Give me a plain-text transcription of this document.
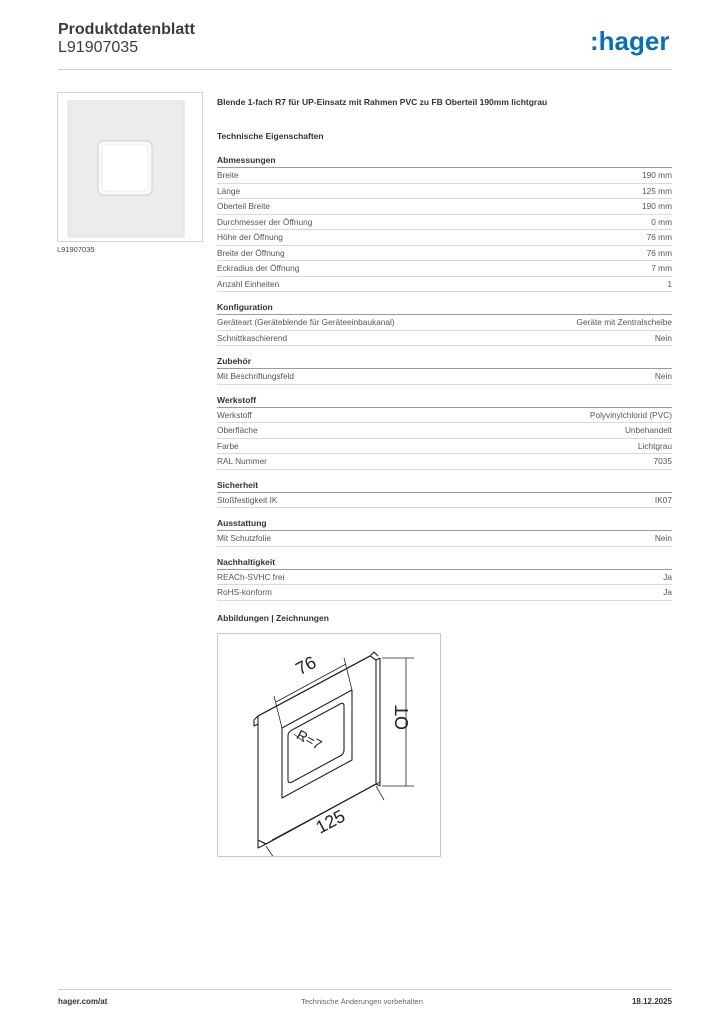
Produktdatenblatt
L91907035	:hager
L91907035
Blende 1-fach R7 für UP-Einsatz mit Rahmen PVC zu FB Oberteil 190mm lichtgrau
Technische Eigenschaften
Abmessungen
Breite	190 mm
Länge	125 mm
Oberteil Breite	190 mm
Durchmesser der Öffnung	0 mm
Höhe der Öffnung	76 mm
Breite der Öffnung	76 mm
Eckradius der Öffnung	7 mm
Anzahl Einheiten	1
Konfiguration
Geräteart (Geräteblende für Geräteeinbaukanal)	Geräte mit Zentralscheibe
Schnittkaschierend	Nein
Zubehör
Mit Beschriftungsfeld	Nein
Werkstoff
Werkstoff	Polyvinylchlorid (PVC)
Oberfläche	Unbehandelt
Farbe	Lichtgrau
RAL Nummer	7035
Sicherheit
Stoßfestigkeit IK	IK07
Ausstattung
Mit Schutzfolie	Nein
Nachhaltigkeit
REACh-SVHC frei	Ja
RoHS-konform	Ja
Abbildungen | Zeichnungen
76
OT
R=7
125
hager.com/at	Technische Änderungen vorbehalten	18.12.2025
